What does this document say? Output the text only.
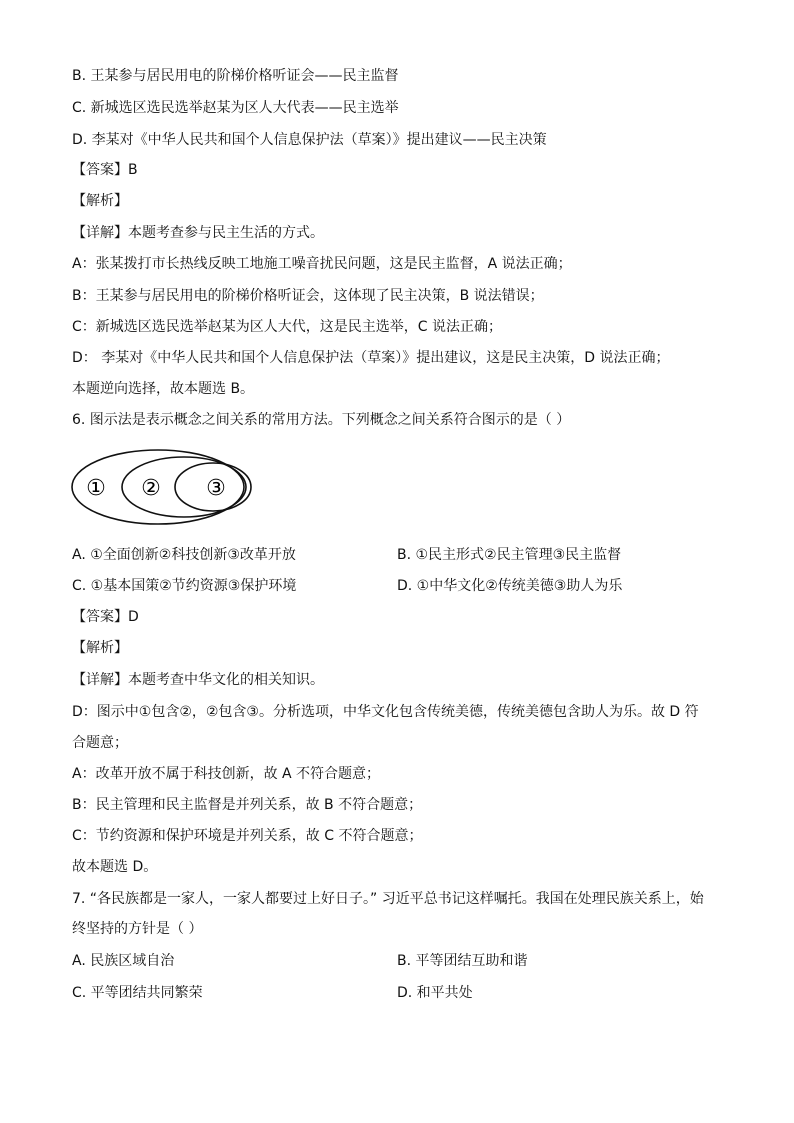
B. 王某参与居民用电的阶梯价格听证会——民主监督
C. 新城选区选民选举赵某为区人大代表——民主选举
D. 李某对《中华人民共和国个人信息保护法（草案）》提出建议——民主决策
【答案】B
【解析】
【详解】本题考查参与民主生活的方式。
A：张某拨打市长热线反映工地施工噪音扰民问题，这是民主监督，A 说法正确；
B：王某参与居民用电的阶梯价格听证会，这体现了民主决策，B 说法错误；
C：新城选区选民选举赵某为区人大代，这是民主选举，C 说法正确；
D： 李某对《中华人民共和国个人信息保护法（草案）》提出建议，这是民主决策，D 说法正确；
本题逆向选择，故本题选 B。
6. 图示法是表示概念之间关系的常用方法。下列概念之间关系符合图示的是（ ）
① ② ③
A. ①全面创新②科技创新③改革开放	B. ①民主形式②民主管理③民主监督
C. ①基本国策②节约资源③保护环境	D. ①中华文化②传统美德③助人为乐
【答案】D
【解析】
【详解】本题考查中华文化的相关知识。
D：图示中①包含②，②包含③。分析选项，中华文化包含传统美德，传统美德包含助人为乐。故 D 符
合题意；
A：改革开放不属于科技创新，故 A 不符合题意；
B：民主管理和民主监督是并列关系，故 B 不符合题意；
C：节约资源和保护环境是并列关系，故 C 不符合题意；
故本题选 D。
7. “各民族都是一家人，一家人都要过上好日子。” 习近平总书记这样嘱托。我国在处理民族关系上，始
终坚持的方针是（ ）
A. 民族区域自治	B. 平等团结互助和谐
C. 平等团结共同繁荣	D. 和平共处
